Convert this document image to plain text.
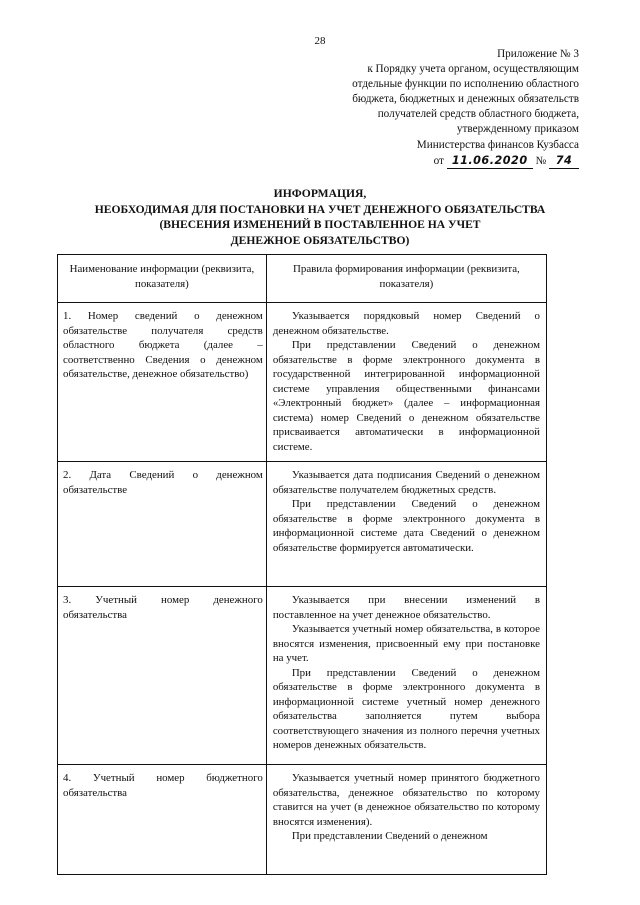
28
Приложение № 3
к Порядку учета органом, осуществляющим
отдельные функции по исполнению областного
бюджета, бюджетных и денежных обязательств
получателей средств областного бюджета,
утвержденному приказом
Министерства финансов Кузбасса
от 11.06.2020 № 74
ИНФОРМАЦИЯ,
НЕОБХОДИМАЯ ДЛЯ ПОСТАНОВКИ НА УЧЕТ ДЕНЕЖНОГО ОБЯЗАТЕЛЬСТВА
(ВНЕСЕНИЯ ИЗМЕНЕНИЙ В ПОСТАВЛЕННОЕ НА УЧЕТ
ДЕНЕЖНОЕ ОБЯЗАТЕЛЬСТВО)
Наименование информации (реквизита, показателя)	Правила формирования информации (реквизита, показателя)
1. Номер сведений о денежном обязательстве получателя средств областного бюджета (далее – соответственно Сведения о денежном обязательстве, денежное обязательство)	Указывается порядковый номер Сведений о денежном обязательстве.

При представлении Сведений о денежном обязательстве в форме электронного документа в государственной интегрированной информационной системе управления общественными финансами «Электронный бюджет» (далее – информационная система) номер Сведений о денежном обязательстве присваивается автоматически в информационной системе.

2. Дата Сведений о денежном обязательстве	Указывается дата подписания Сведений о денежном обязательстве получателем бюджетных средств.

При представлении Сведений о денежном обязательстве в форме электронного документа в информационной системе дата Сведений о денежном обязательстве формируется автоматически.

3. Учетный номер денежного обязательства	Указывается при внесении изменений в поставленное на учет денежное обязательство.

Указывается учетный номер обязательства, в которое вносятся изменения, присвоенный ему при постановке на учет.

При представлении Сведений о денежном обязательстве в форме электронного документа в информационной системе учетный номер денежного обязательства заполняется путем выбора соответствующего значения из полного перечня учетных номеров денежных обязательств.

4. Учетный номер бюджетного обязательства	Указывается учетный номер принятого бюджетного обязательства, денежное обязательство по которому ставится на учет (в денежное обязательство по которому вносятся изменения).

При представлении Сведений о денежном
